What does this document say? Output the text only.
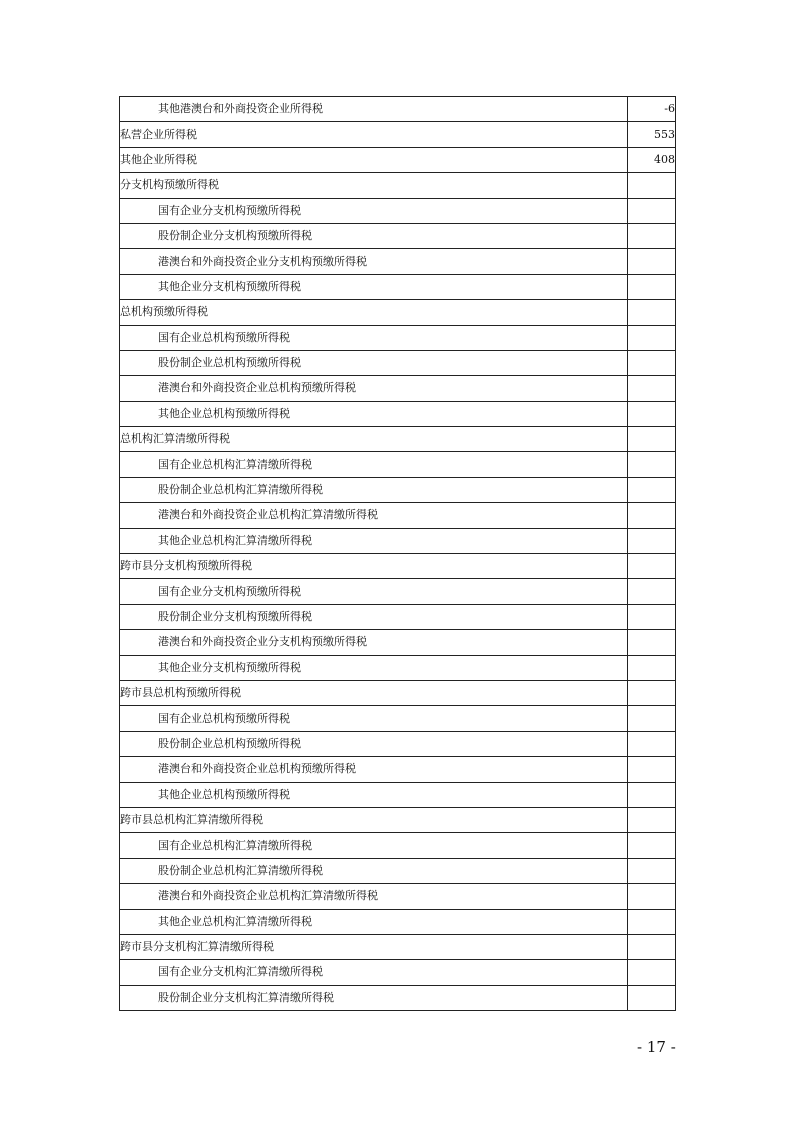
其他港澳台和外商投资企业所得税	-6
私营企业所得税	553
其他企业所得税	408
分支机构预缴所得税	
国有企业分支机构预缴所得税	
股份制企业分支机构预缴所得税	
港澳台和外商投资企业分支机构预缴所得税	
其他企业分支机构预缴所得税	
总机构预缴所得税	
国有企业总机构预缴所得税	
股份制企业总机构预缴所得税	
港澳台和外商投资企业总机构预缴所得税	
其他企业总机构预缴所得税	
总机构汇算清缴所得税	
国有企业总机构汇算清缴所得税	
股份制企业总机构汇算清缴所得税	
港澳台和外商投资企业总机构汇算清缴所得税	
其他企业总机构汇算清缴所得税	
跨市县分支机构预缴所得税	
国有企业分支机构预缴所得税	
股份制企业分支机构预缴所得税	
港澳台和外商投资企业分支机构预缴所得税	
其他企业分支机构预缴所得税	
跨市县总机构预缴所得税	
国有企业总机构预缴所得税	
股份制企业总机构预缴所得税	
港澳台和外商投资企业总机构预缴所得税	
其他企业总机构预缴所得税	
跨市县总机构汇算清缴所得税	
国有企业总机构汇算清缴所得税	
股份制企业总机构汇算清缴所得税	
港澳台和外商投资企业总机构汇算清缴所得税	
其他企业总机构汇算清缴所得税	
跨市县分支机构汇算清缴所得税	
国有企业分支机构汇算清缴所得税	
股份制企业分支机构汇算清缴所得税	
- 17 -
